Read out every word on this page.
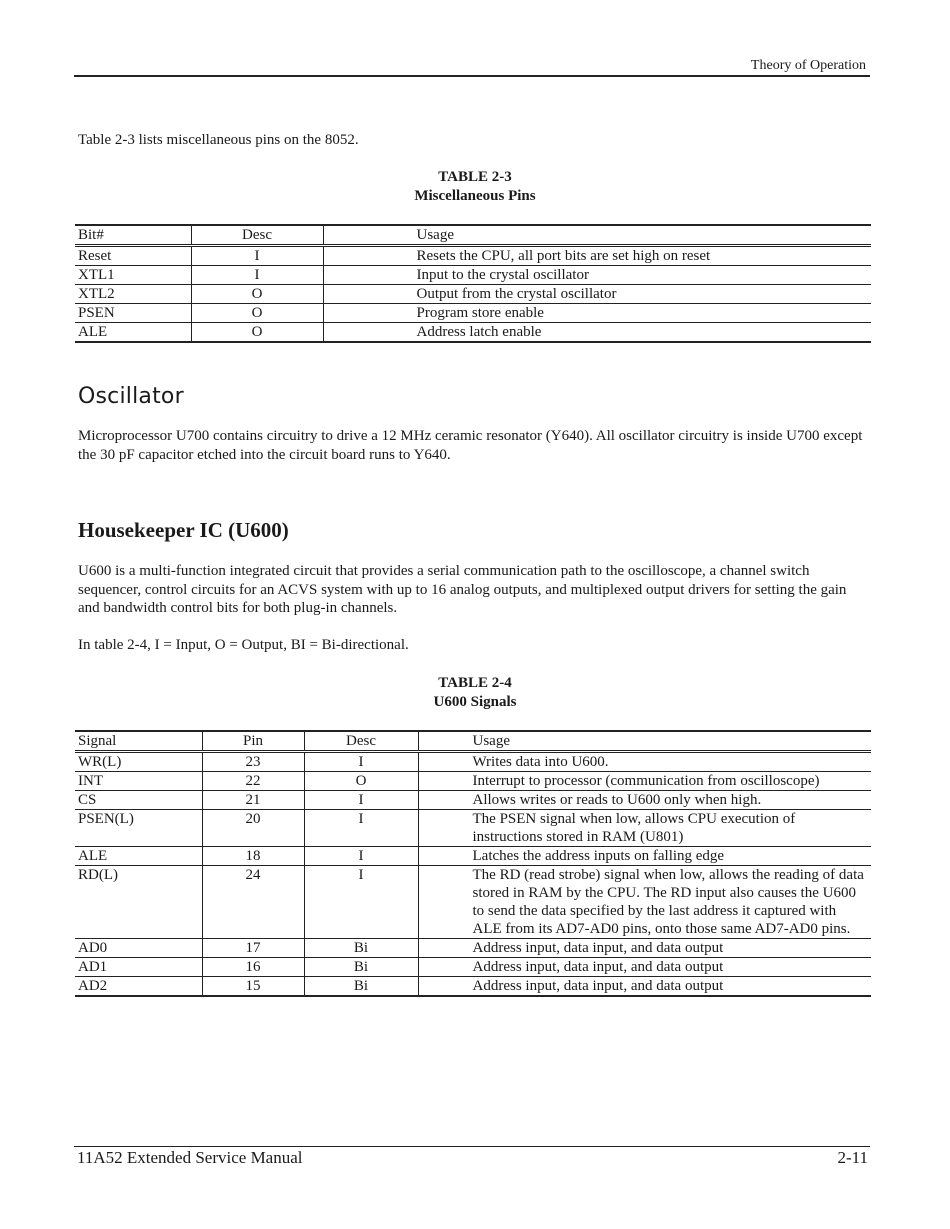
Theory of Operation
Table 2-3 lists miscellaneous pins on the 8052.
TABLE 2-3
Miscellaneous Pins
Bit#	Desc	Usage
Reset	I	Resets the CPU, all port bits are set high on reset
XTL1	I	Input to the crystal oscillator
XTL2	O	Output from the crystal oscillator
PSEN	O	Program store enable
ALE	O	Address latch enable
Oscillator
Microprocessor U700 contains circuitry to drive a 12 MHz ceramic resonator (Y640). All oscillator circuitry is inside U700 except the 30 pF capacitor etched into the circuit board runs to Y640.
Housekeeper IC (U600)
U600 is a multi-function integrated circuit that provides a serial communication path to the oscilloscope, a channel switch sequencer, control circuits for an ACVS system with up to 16 analog outputs, and multiplexed output drivers for setting the gain and bandwidth control bits for both plug-in channels.
In table 2-4, I = Input, O = Output, BI = Bi-directional.
TABLE 2-4
U600 Signals
Signal	Pin	Desc	Usage
WR(L)	23	I	Writes data into U600.
INT	22	O	Interrupt to processor (communication from oscilloscope)
CS	21	I	Allows writes or reads to U600 only when high.
PSEN(L)	20	I	The PSEN signal when low, allows CPU execution of instructions stored in RAM (U801)
ALE	18	I	Latches the address inputs on falling edge
RD(L)	24	I	The RD (read strobe) signal when low, allows the reading of data stored in RAM by the CPU. The RD input also causes the U600 to send the data specified by the last address it captured with ALE from its AD7-AD0 pins, onto those same AD7-AD0 pins.
AD0	17	Bi	Address input, data input, and data output
AD1	16	Bi	Address input, data input, and data output
AD2	15	Bi	Address input, data input, and data output
11A52 Extended Service Manual	2-11
